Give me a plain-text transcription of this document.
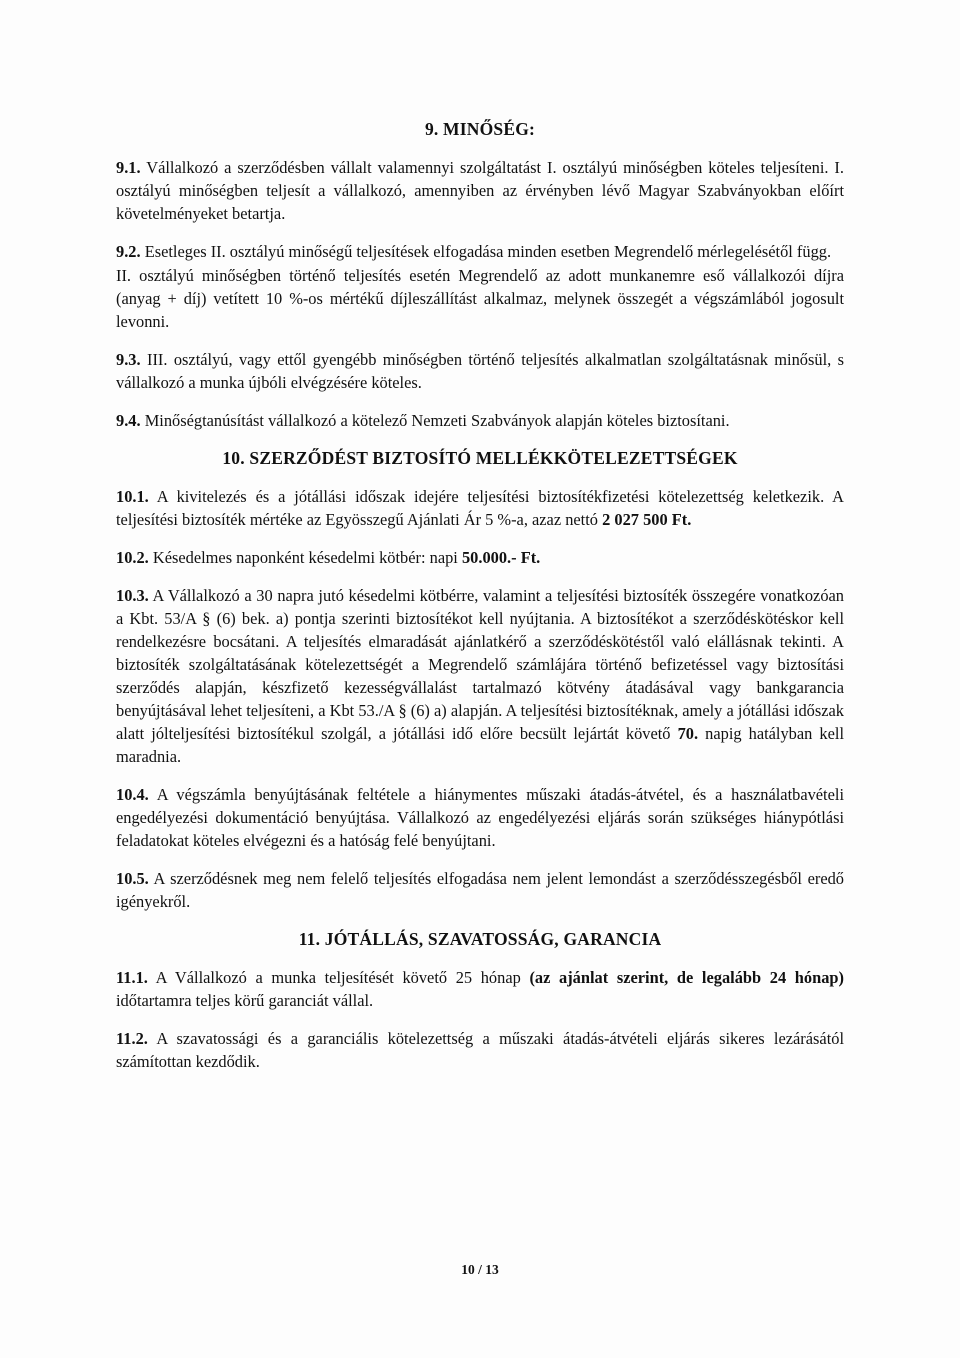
9. MINŐSÉG:
9.1. Vállalkozó a szerződésben vállalt valamennyi szolgáltatást I. osztályú minőségben köteles teljesíteni. I. osztályú minőségben teljesít a vállalkozó, amennyiben az érvényben lévő Magyar Szabványokban előírt követelményeket betartja.
9.2. Esetleges II. osztályú minőségű teljesítések elfogadása minden esetben Megrendelő mérlegelésétől függ.
II. osztályú minőségben történő teljesítés esetén Megrendelő az adott munkanemre eső vállalkozói díjra (anyag + díj) vetített 10 %-os mértékű díjleszállítást alkalmaz, melynek összegét a végszámlából jogosult levonni.
9.3. III. osztályú, vagy ettől gyengébb minőségben történő teljesítés alkalmatlan szolgáltatásnak minősül, s vállalkozó a munka újbóli elvégzésére köteles.
9.4. Minőségtanúsítást vállalkozó a kötelező Nemzeti Szabványok alapján köteles biztosítani.
10. SZERZŐDÉST BIZTOSÍTÓ MELLÉKKÖTELEZETTSÉGEK
10.1. A kivitelezés és a jótállási időszak idejére teljesítési biztosítékfizetési kötelezettség keletkezik. A teljesítési biztosíték mértéke az Egyösszegű Ajánlati Ár 5 %-a, azaz nettó 2 027 500 Ft.
10.2. Késedelmes naponként késedelmi kötbér: napi 50.000.- Ft.
10.3. A Vállalkozó a 30 napra jutó késedelmi kötbérre, valamint a teljesítési biztosíték összegére vonatkozóan a Kbt. 53/A § (6) bek. a) pontja szerinti biztosítékot kell nyújtania. A biztosítékot a szerződéskötéskor kell rendelkezésre bocsátani. A teljesítés elmaradását ajánlatkérő a szerződéskötéstől való elállásnak tekinti. A biztosíték szolgáltatásának kötelezettségét a Megrendelő számlájára történő befizetéssel vagy biztosítási szerződés alapján, készfizető kezességvállalást tartalmazó kötvény átadásával vagy bankgarancia benyújtásával lehet teljesíteni, a Kbt 53./A § (6) a) alapján. A teljesítési biztosítéknak, amely a jótállási időszak alatt jólteljesítési biztosítékul szolgál, a jótállási idő előre becsült lejártát követő 70. napig hatályban kell maradnia.
10.4. A végszámla benyújtásának feltétele a hiánymentes műszaki átadás-átvétel, és a használatbavételi engedélyezési dokumentáció benyújtása. Vállalkozó az engedélyezési eljárás során szükséges hiánypótlási feladatokat köteles elvégezni és a hatóság felé benyújtani.
10.5. A szerződésnek meg nem felelő teljesítés elfogadása nem jelent lemondást a szerződésszegésből eredő igényekről.
11. JÓTÁLLÁS, SZAVATOSSÁG, GARANCIA
11.1. A Vállalkozó a munka teljesítését követő 25 hónap (az ajánlat szerint, de legalább 24 hónap) időtartamra teljes körű garanciát vállal.
11.2. A szavatossági és a garanciális kötelezettség a műszaki átadás-átvételi eljárás sikeres lezárásától számítottan kezdődik.
10 / 13
